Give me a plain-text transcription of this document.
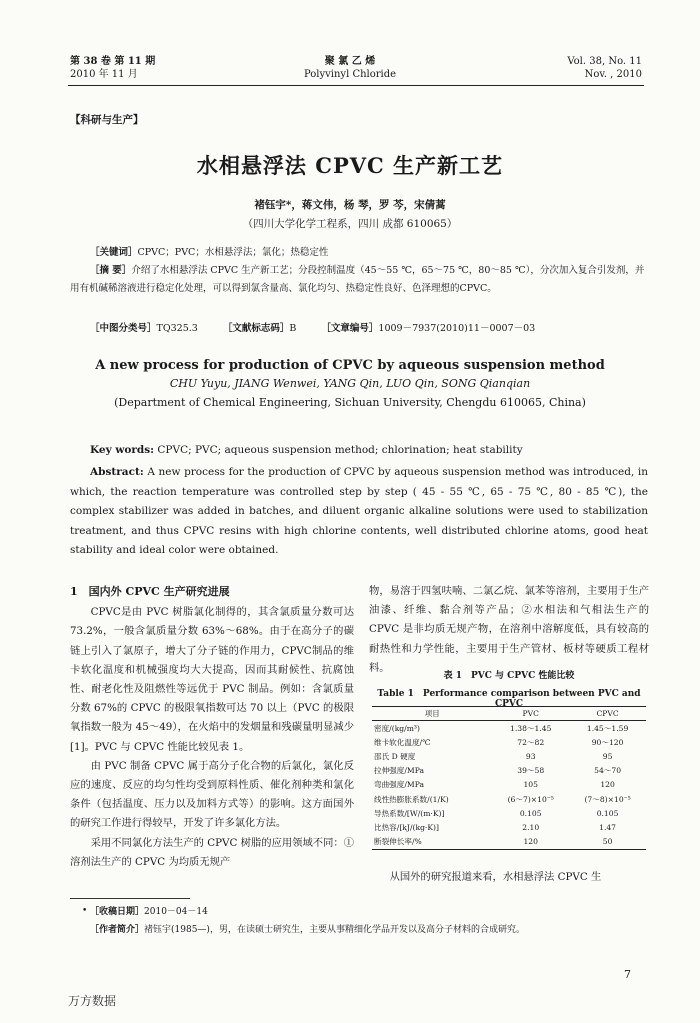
第 38 卷 第 11 期
2010 年 11 月
聚 氯 乙 烯
Polyvinyl Chloride
Vol. 38, No. 11
Nov. , 2010
【科研与生产】
水相悬浮法 CPVC 生产新工艺
褚钰宇*，蒋文伟，杨 琴，罗 芩，宋倩蒿
（四川大学化学工程系，四川 成都 610065）
［关键词］CPVC；PVC；水相悬浮法；氯化；热稳定性
［摘 要］介绍了水相悬浮法 CPVC 生产新工艺；分段控制温度（45～55 ℃，65～75 ℃，80～85 ℃），分次加入复合引发剂，并用有机碱稀溶液进行稳定化处理，可以得到氯含量高、氯化均匀、热稳定性良好、色泽理想的CPVC。
［中图分类号］TQ325.3	［文献标志码］B	［文章编号］1009－7937(2010)11－0007－03
A new process for production of CPVC by aqueous suspension method
CHU Yuyu, JIANG Wenwei, YANG Qin, LUO Qin, SONG Qianqian
(Department of Chemical Engineering, Sichuan University, Chengdu 610065, China)
Key words: CPVC; PVC; aqueous suspension method; chlorination; heat stability
Abstract: A new process for the production of CPVC by aqueous suspension method was introduced, in which, the reaction temperature was controlled step by step ( 45 - 55 ℃, 65 - 75 ℃, 80 - 85 ℃), the complex stabilizer was added in batches, and diluent organic alkaline solutions were used to stabilization treatment, and thus CPVC resins with high chlorine contents, well distributed chlorine atoms, good heat stability and ideal color were obtained.
1　国内外 CPVC 生产研究进展

CPVC是由 PVC 树脂氯化制得的，其含氯质量分数可达 73.2%，一般含氯质量分数 63%～68%。由于在高分子的碳链上引入了氯原子，增大了分子链的作用力，CPVC制品的维卡软化温度和机械强度均大大提高，因而其耐候性、抗腐蚀性、耐老化性及阻燃性等远优于 PVC 制品。例如：含氯质量分数 67%的 CPVC 的极限氧指数可达 70 以上（PVC 的极限氧指数一般为 45～49），在火焰中的发烟量和残碳量明显减少[1]。PVC 与 CPVC 性能比较见表 1。

由 PVC 制备 CPVC 属于高分子化合物的后氯化，氯化反应的速度、反应的均匀性均受到原料性质、催化剂种类和氯化条件（包括温度、压力以及加料方式等）的影响。这方面国外的研究工作进行得较早，开发了许多氯化方法。

采用不同氯化方法生产的 CPVC 树脂的应用领域不同：①溶剂法生产的 CPVC 为均质无规产

物，易溶于四氢呋喃、二氯乙烷、氯苯等溶剂，主要用于生产油漆、纤维、黏合剂等产品；②水相法和气相法生产的 CPVC 是非均质无规产物，在溶剂中溶解度低，具有较高的耐热性和力学性能，主要用于生产管材、板材等硬质工程材料。

表 1　PVC 与 CPVC 性能比较
Table 1　Performance comparison between PVC and CPVC
项目	PVC	CPVC
密度/(kg/m³)	1.38～1.45	1.45～1.59
维卡软化温度/℃	72～82	90～120
邵氏 D 硬度	93	95
拉伸强度/MPa	39～58	54～70
弯曲强度/MPa	105	120
线性热膨胀系数/(1/K)	(6～7)×10⁻⁵	(7～8)×10⁻⁵
导热系数/[W/(m·K)]	0.105	0.105
比热容/[kJ/(kg·K)]	2.10	1.47
断裂伸长率/%	120	50
从国外的研究报道来看，水相悬浮法 CPVC 生
• ［收稿日期］2010－04－14
［作者简介］褚钰宇(1985—)，男，在读硕士研究生，主要从事精细化学品开发以及高分子材料的合成研究。
7
万方数据
